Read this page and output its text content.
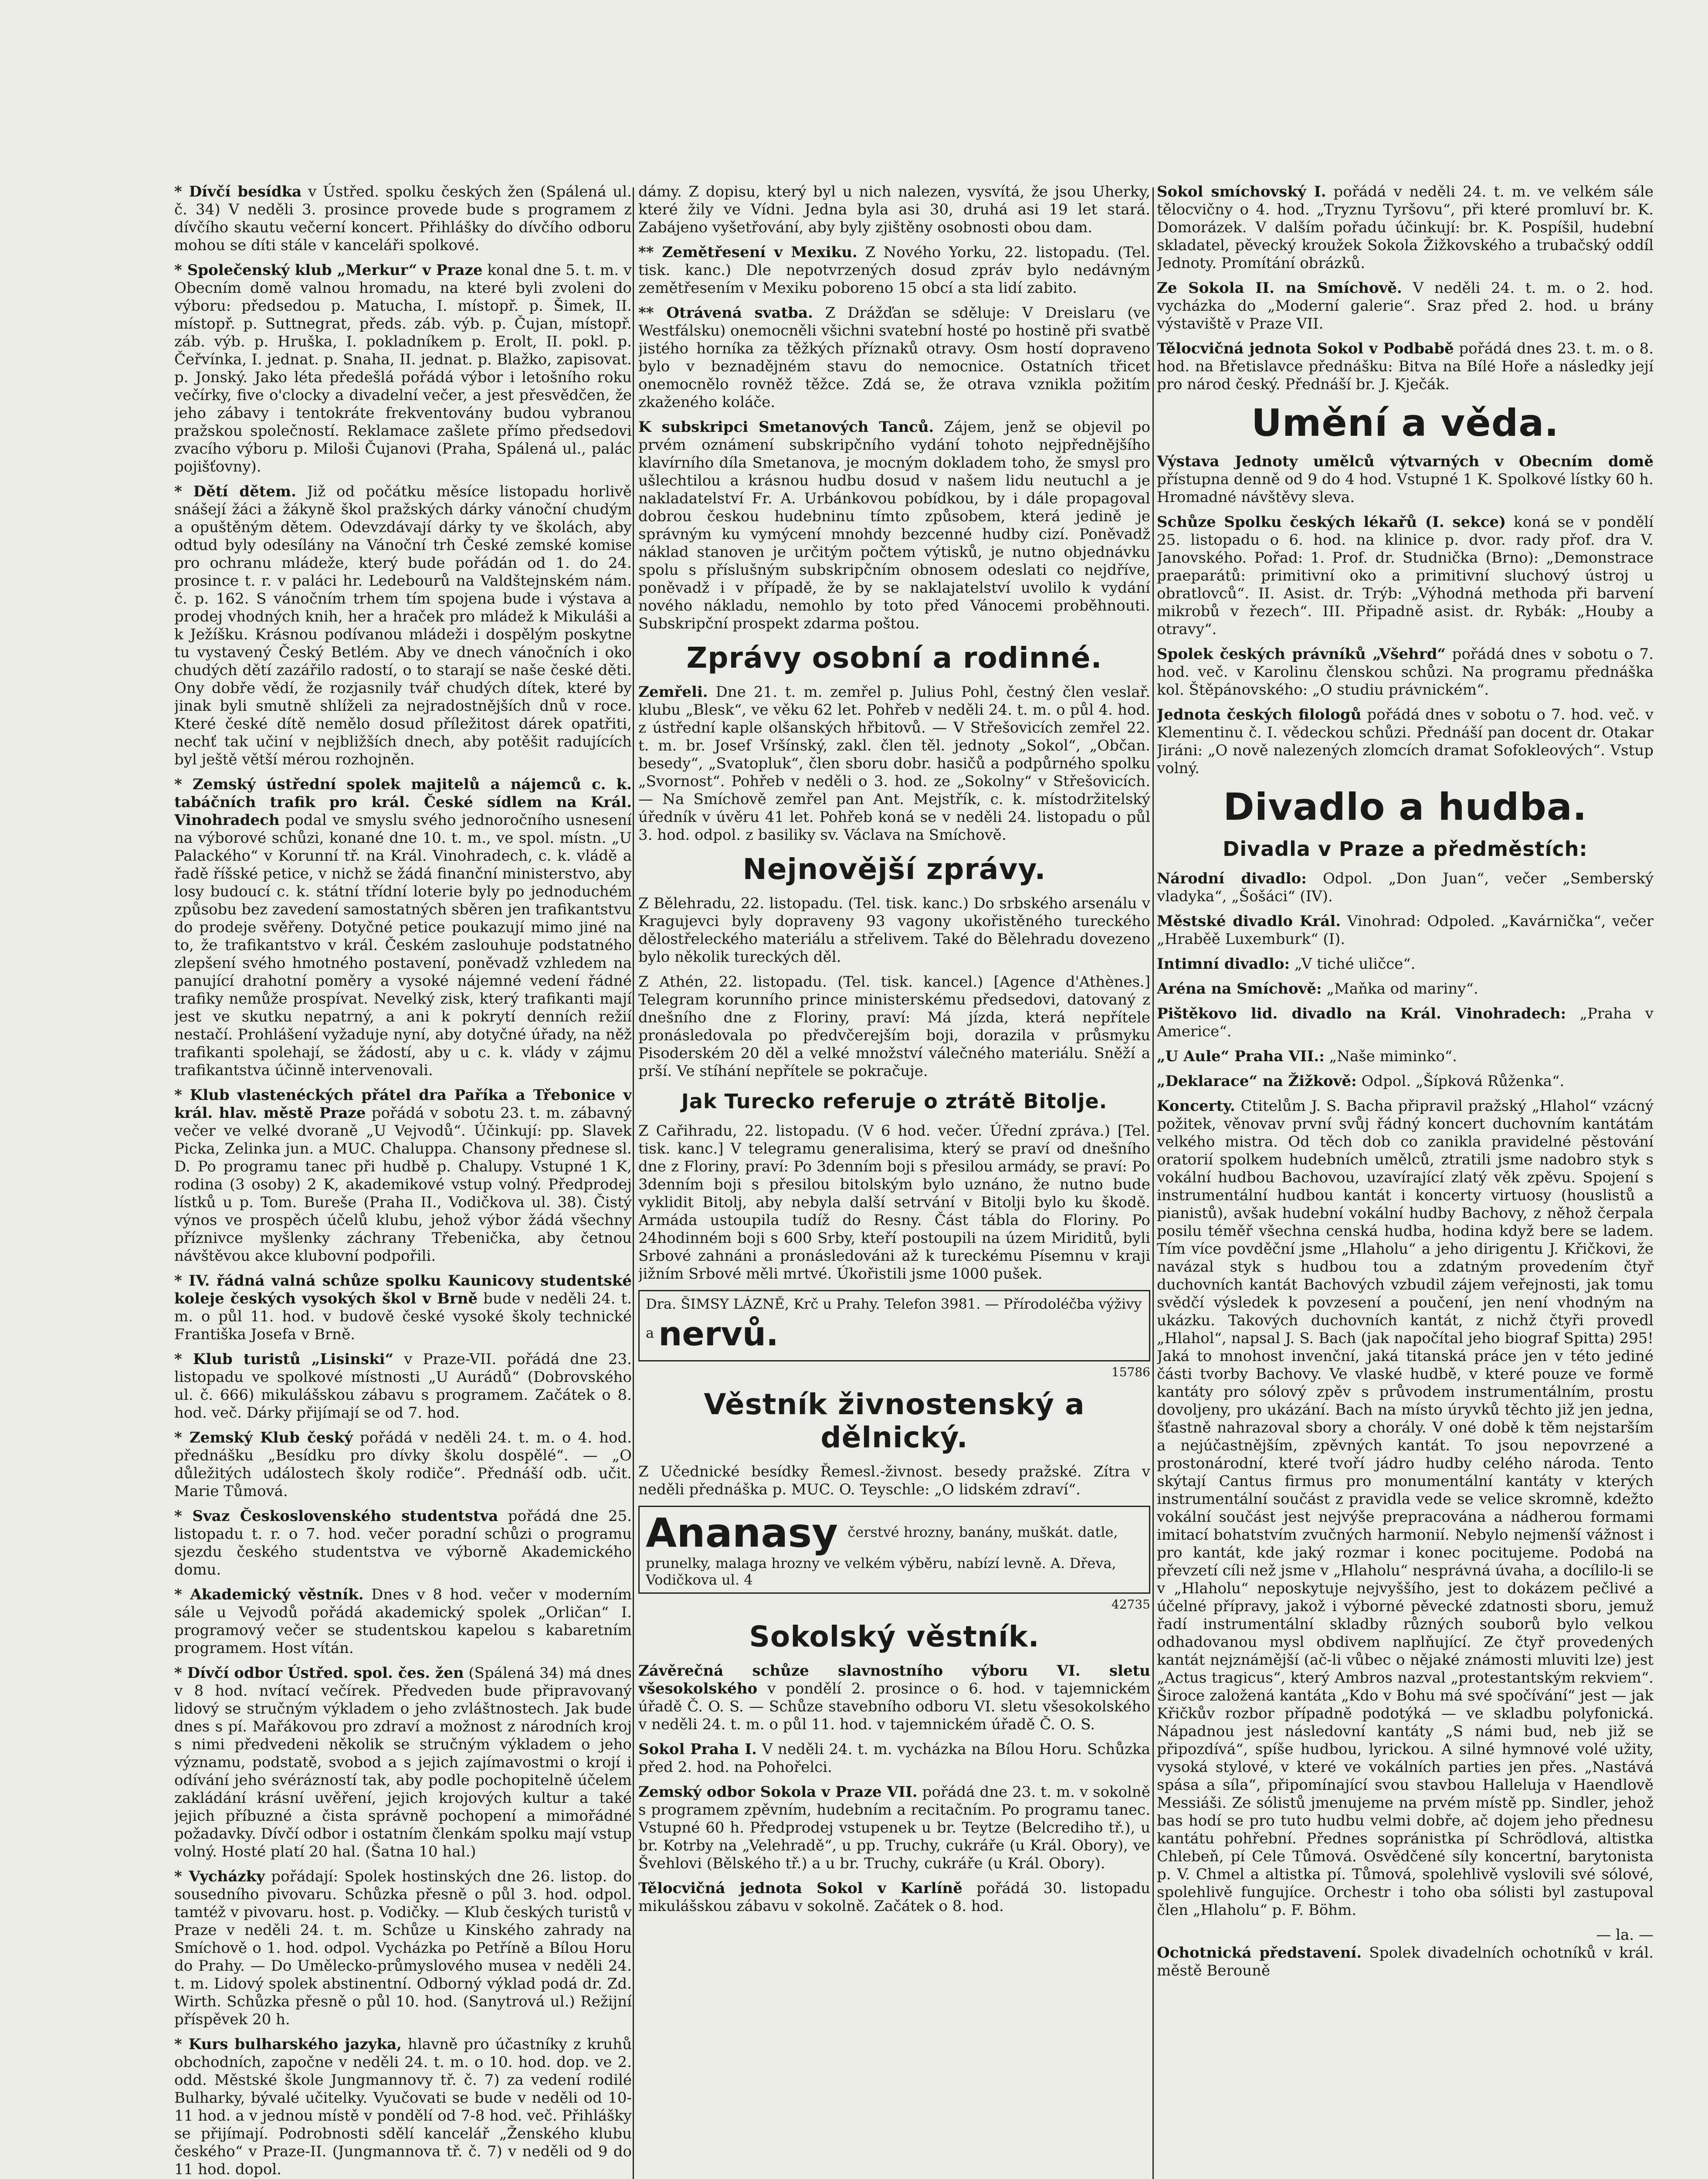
* Dívčí besídka v Ústřed. spolku českých žen (Spálená ul. č. 34) V neděli 3. prosince provede bude s programem z dívčího skautu večerní koncert. Přihlášky do dívčího odboru mohou se díti stále v kanceláři spolkové.

* Společenský klub „Merkur“ v Praze konal dne 5. t. m. v Obecním domě valnou hromadu, na které byli zvoleni do výboru: předsedou p. Matucha, I. místopř. p. Šimek, II. místopř. p. Suttnegrat, předs. záb. výb. p. Čujan, místopř. záb. výb. p. Hruška, I. pokladníkem p. Erolt, II. pokl. p. Čeřvínka, I. jednat. p. Snaha, II. jednat. p. Blažko, zapisovat. p. Jonský. Jako léta předešlá pořádá výbor i letošního roku večírky, five o'clocky a divadelní večer, a jest přesvědčen, že jeho zábavy i tentokráte frekventovány budou vybranou pražskou společností. Reklamace zašlete přímo předsedovi zvacího výboru p. Miloši Čujanovi (Praha, Spálená ul., palác pojišťovny).

* Dětí dětem. Již od počátku měsíce listopadu horlivě snášejí žáci a žákyně škol pražských dárky vánoční chudým a opuštěným dětem. Odevzdávají dárky ty ve školách, aby odtud byly odesílány na Vánoční trh České zemské komise pro ochranu mládeže, který bude pořádán od 1. do 24. prosince t. r. v paláci hr. Ledebourů na Valdštejnském nám. č. p. 162. S vánočním trhem tím spojena bude i výstava a prodej vhodných knih, her a hraček pro mládež k Mikuláši a k Ježíšku. Krásnou podívanou mládeži i dospělým poskytne tu vystavený Český Betlém. Aby ve dnech vánočních i oko chudých dětí zazářilo radostí, o to starají se naše české děti. Ony dobře vědí, že rozjasnily tvář chudých dítek, které by jinak byli smutně shlíželi za nejradostnějších dnů v roce. Které české dítě nemělo dosud příležitost dárek opatřiti, nechť tak učiní v nejbližších dnech, aby potěšit radujících byl ještě větší mérou rozhojněn.

* Zemský ústřední spolek majitelů a nájemců c. k. tabáčních trafik pro král. České sídlem na Král. Vinohradech podal ve smyslu svého jednoročního usnesení na výborové schůzi, konané dne 10. t. m., ve spol. místn. „U Palackého“ v Korunní tř. na Král. Vinohradech, c. k. vládě a řadě říšské petice, v nichž se žádá finanční ministerstvo, aby losy budoucí c. k. státní třídní loterie byly po jednoduchém způsobu bez zavedení samostatných sběren jen trafikantstvu do prodeje svěřeny. Dotyčné petice poukazují mimo jiné na to, že trafikantstvo v král. Českém zaslouhuje podstatného zlepšení svého hmotného postavení, poněvadž vzhledem na panující drahotní poměry a vysoké nájemné vedení řádné trafiky nemůže prospívat. Nevelký zisk, který trafikanti mají jest ve skutku nepatrný, a ani k pokrytí denních režií nestačí. Prohlášení vyžaduje nyní, aby dotyčné úřady, na něž trafikanti spolehají, se žádostí, aby u c. k. vlády v zájmu trafikantstva účinně intervenovali.

* Klub vlastenéckých přátel dra Paříka a Třebonice v král. hlav. městě Praze pořádá v sobotu 23. t. m. zábavný večer ve velké dvoraně „U Vejvodů“. Účinkují: pp. Slavek Picka, Zelinka jun. a MUC. Chaluppa. Chansony přednese sl. D. Po programu tanec při hudbě p. Chalupy. Vstupné 1 K, rodina (3 osoby) 2 K, akademikové vstup volný. Předprodej lístků u p. Tom. Bureše (Praha II., Vodičkova ul. 38). Čistý výnos ve prospěch účelů klubu, jehož výbor žádá všechny příznivce myšlenky záchrany Třebenička, aby četnou návštěvou akce klubovní podpořili.

* IV. řádná valná schůze spolku Kaunicovy studentské koleje českých vysokých škol v Brně bude v neděli 24. t. m. o půl 11. hod. v budově české vysoké školy technické Františka Josefa v Brně.

* Klub turistů „Lisinski“ v Praze-VII. pořádá dne 23. listopadu ve spolkové místnosti „U Aurádů“ (Dobrovského ul. č. 666) mikulášskou zábavu s programem. Začátek o 8. hod. več. Dárky přijímají se od 7. hod.

* Zemský Klub český pořádá v neděli 24. t. m. o 4. hod. přednášku „Besídku pro dívky školu dospělé“. — „O důležitých událostech školy rodiče“. Přednáší odb. učit. Marie Tůmová.

* Svaz Československého studentstva pořádá dne 25. listopadu t. r. o 7. hod. večer poradní schůzi o programu sjezdu českého studentstva ve výborně Akademického domu.

* Akademický věstník. Dnes v 8 hod. večer v moderním sále u Vejvodů pořádá akademický spolek „Orličan“ I. programový večer se studentskou kapelou s kabaretním programem. Host vítán.

* Dívčí odbor Ústřed. spol. čes. žen (Spálená 34) má dnes v 8 hod. nvítací večírek. Předveden bude připravovaný lidový se stručným výkladem o jeho zvláštnostech. Jak bude dnes s pí. Mařákovou pro zdraví a možnost z národních kroj s nimi předvedeni několik se stručným výkladem o jeho významu, podstatě, svobod a s jejich zajímavostmi o krojí i odívání jeho svérázností tak, aby podle pochopitelně účelem zakládání krásní uvěření, jejich krojových kultur a také jejich příbuzné a čista správně pochopení a mimořádné požadavky. Dívčí odbor i ostatním členkám spolku mají vstup volný. Hosté platí 20 hal. (Šatna 10 hal.)

* Vycházky pořádají: Spolek hostinských dne 26. listop. do sousedního pivovaru. Schůzka přesně o půl 3. hod. odpol. tamtéž v pivovaru. host. p. Vodičky. — Klub českých turistů v Praze v neděli 24. t. m. Schůze u Kinského zahrady na Smíchově o 1. hod. odpol. Vycházka po Petříně a Bílou Horu do Prahy. — Do Umělecko-průmyslového musea v neděli 24. t. m. Lidový spolek abstinentní. Odborný výklad podá dr. Zd. Wirth. Schůzka přesně o půl 10. hod. (Sanytrová ul.) Režijní příspěvek 20 h.

* Kurs bulharského jazyka, hlavně pro účastníky z kruhů obchodních, započne v neděli 24. t. m. o 10. hod. dop. ve 2. odd. Městské škole Jungmannovy tř. č. 7) za vedení rodilé Bulharky, bývalé učitelky. Vyučovati se bude v neděli od 10-11 hod. a v jednou místě v pondělí od 7-8 hod. več. Přihlášky se přijímají. Podrobnosti sdělí kancelář „Ženského klubu českého“ v Praze-II. (Jungmannova tř. č. 7) v neděli od 9 do 11 hod. dopol.

dámy. Z dopisu, který byl u nich nalezen, vysvítá, že jsou Uherky, které žily ve Vídni. Jedna byla asi 30, druhá asi 19 let stará. Zabájeno vyšetřování, aby byly zjištěny osobnosti obou dam.

** Zemětřesení v Mexiku. Z Nového Yorku, 22. listopadu. (Tel. tisk. kanc.) Dle nepotvrzených dosud zpráv bylo nedávným zemětřesením v Mexiku poboreno 15 obcí a sta lidí zabito.

** Otrávená svatba. Z Drážďan se sděluje: V Dreislaru (ve Westfálsku) onemocněli všichni svatební hosté po hostině při svatbě jistého horníka za těžkých příznaků otravy. Osm hostí dopraveno bylo v beznadějném stavu do nemocnice. Ostatních třicet onemocnělo rovněž těžce. Zdá se, že otrava vznikla požitím zkaženého koláče.

K subskripci Smetanových Tanců. Zájem, jenž se objevil po prvém oznámení subskripčního vydání tohoto nejpřednějšího klavírního díla Smetanova, je mocným dokladem toho, že smysl pro ušlechtilou a krásnou hudbu dosud v našem lidu neutuchl a je nakladatelství Fr. A. Urbánkovou pobídkou, by i dále propagoval dobrou českou hudebninu tímto způsobem, která jedině je správným ku vymýcení mnohdy bezcenné hudby cizí. Poněvadž náklad stanoven je určitým počtem výtisků, je nutno objednávku spolu s příslušným subskripčním obnosem odeslati co nejdříve, poněvadž i v případě, že by se naklajatelství uvolilo k vydání nového nákladu, nemohlo by toto před Vánocemi proběhnouti. Subskripční prospekt zdarma poštou.

Zprávy osobní a rodinné.

Zemřeli. Dne 21. t. m. zemřel p. Julius Pohl, čestný člen veslař. klubu „Blesk“, ve věku 62 let. Pohřeb v neděli 24. t. m. o půl 4. hod. z ústřední kaple olšanských hřbitovů. — V Střešovicích zemřel 22. t. m. br. Josef Vršínský, zakl. člen těl. jednoty „Sokol“, „Občan. besedy“, „Svatopluk“, člen sboru dobr. hasičů a podpůrného spolku „Svornost“. Pohřeb v neděli o 3. hod. ze „Sokolny“ v Střešovicích. — Na Smíchově zemřel pan Ant. Mejstřík, c. k. místodržitelský úředník v úvěru 41 let. Pohřeb koná se v neděli 24. listopadu o půl 3. hod. odpol. z basiliky sv. Václava na Smíchově.

Nejnovější zprávy.

Z Bělehradu, 22. listopadu. (Tel. tisk. kanc.) Do srbského arsenálu v Kragujevci byly dopraveny 93 vagony ukořistěného tureckého dělostřeleckého materiálu a střelivem. Také do Bělehradu dovezeno bylo několik tureckých děl.

Z Athén, 22. listopadu. (Tel. tisk. kancel.) [Agence d'Athènes.] Telegram korunního prince ministerskému předsedovi, datovaný z dnešního dne z Floriny, praví: Má jízda, která nepřítele pronásledovala po předvčerejším boji, dorazila v průsmyku Pisoderském 20 děl a velké množství válečného materiálu. Sněží a prší. Ve stíhání nepřítele se pokračuje.

Jak Turecko referuje o ztrátě Bitolje.

Z Cařihradu, 22. listopadu. (V 6 hod. večer. Úřední zpráva.) [Tel. tisk. kanc.] V telegramu generalisima, který se praví od dnešního dne z Floriny, praví: Po 3denním boji s přesilou armády, se praví: Po 3denním boji s přesilou bitolským bylo uznáno, že nutno bude vyklidit Bitolj, aby nebyla další setrvání v Bitolji bylo ku škodě. Armáda ustoupila tudíž do Resny. Část tábla do Floriny. Po 24hodinném boji s 600 Srby, kteří postoupili na územ Miriditů, byli Srbové zahnáni a pronásledováni až k tureckému Písemnu v kraji jižním Srbové měli mrtvé. Úkořistili jsme 1000 pušek.

Dra. ŠIMSY LÁZNĚ, Krč u Prahy. Telefon 3981. — Přírodoléčba výživy a nervů.
15786
Věstník živnostenský a dělnický.

Z Učednické besídky Řemesl.-živnost. besedy pražské. Zítra v neděli přednáška p. MUC. O. Teyschle: „O lidském zdraví“.

Ananasy čerstvé hrozny, banány, muškát. datle, prunelky, malaga hrozny ve velkém výběru, nabízí levně. A. Dřeva, Vodičkova ul. 4
42735
Sokolský věstník.

Závěrečná schůze slavnostního výboru VI. sletu všesokolského v pondělí 2. prosince o 6. hod. v tajemnickém úřadě Č. O. S. — Schůze stavebního odboru VI. sletu všesokolského v neděli 24. t. m. o půl 11. hod. v tajemnickém úřadě Č. O. S.

Sokol Praha I. V neděli 24. t. m. vycházka na Bílou Horu. Schůzka před 2. hod. na Pohořelci.

Zemský odbor Sokola v Praze VII. pořádá dne 23. t. m. v sokolně s programem zpěvním, hudebním a recitačním. Po programu tanec. Vstupné 60 h. Předprodej vstupenek u br. Teytze (Belcrediho tř.), u br. Kotrby na „Velehradě“, u pp. Truchy, cukráře (u Král. Obory), ve Švehlovi (Bělského tř.) a u br. Truchy, cukráře (u Král. Obory).

Tělocvičná jednota Sokol v Karlíně pořádá 30. listopadu mikulášskou zábavu v sokolně. Začátek o 8. hod.

Sokol smíchovský I. pořádá v neděli 24. t. m. ve velkém sále tělocvičny o 4. hod. „Tryznu Tyršovu“, při které promluví br. K. Domorázek. V dalším pořadu účinkují: br. K. Pospíšil, hudební skladatel, pěvecký kroužek Sokola Žižkovského a trubačský oddíl Jednoty. Promítání obrázků.

Ze Sokola II. na Smíchově. V neděli 24. t. m. o 2. hod. vycházka do „Moderní galerie“. Sraz před 2. hod. u brány výstaviště v Praze VII.

Tělocvičná jednota Sokol v Podbabě pořádá dnes 23. t. m. o 8. hod. na Břetislavce přednášku: Bitva na Bílé Hoře a následky její pro národ český. Přednáší br. J. Kječák.

Umění a věda.

Výstava Jednoty umělců výtvarných v Obecním domě přístupna denně od 9 do 4 hod. Vstupné 1 K. Spolkové lístky 60 h. Hromadné návštěvy sleva.

Schůze Spolku českých lékařů (I. sekce) koná se v pondělí 25. listopadu o 6. hod. na klinice p. dvor. rady přof. dra V. Janovského. Pořad: 1. Prof. dr. Studnička (Brno): „Demonstrace praeparátů: primitivní oko a primitivní sluchový ústroj u obratlovců“. II. Asist. dr. Trýb: „Výhodná methoda při barvení mikrobů v řezech“. III. Připadně asist. dr. Rybák: „Houby a otravy“.

Spolek českých právníků „Všehrd“ pořádá dnes v sobotu o 7. hod. več. v Karolinu členskou schůzi. Na programu přednáška kol. Štěpánovského: „O studiu právnickém“.

Jednota českých filologů pořádá dnes v sobotu o 7. hod. več. v Klementinu č. I. vědeckou schůzi. Přednáší pan docent dr. Otakar Jiráni: „O nově nalezených zlomcích dramat Sofokleových“. Vstup volný.

Divadlo a hudba.
Divadla v Praze a předměstích:

Národní divadlo: Odpol. „Don Juan“, večer „Semberský vladyka“, „Šošáci“ (IV).

Městské divadlo Král. Vinohrad: Odpoled. „Kavárnička“, večer „Hraběě Luxemburk“ (I).

Intimní divadlo: „V tiché uličce“.

Aréna na Smíchově: „Maňka od mariny“.

Pištěkovo lid. divadlo na Král. Vinohradech: „Praha v Americe“.

„U Aule“ Praha VII.: „Naše miminko“.

„Deklarace“ na Žižkově: Odpol. „Šípková Růženka“.

Koncerty. Ctitelům J. S. Bacha připravil pražský „Hlahol“ vzácný požitek, věnovav první svůj řádný koncert duchovním kantátám velkého mistra. Od těch dob co zanikla pravidelné pěstování oratorií spolkem hudebních umělců, ztratili jsme nadobro styk s vokální hudbou Bachovou, uzavírající zlatý věk zpěvu. Spojení s instrumentální hudbou kantát i koncerty virtuosy (houslistů a pianistů), avšak hudební vokální hudby Bachovy, z něhož čerpala posilu téměř všechna censká hudba, hodina když bere se ladem. Tím více povděční jsme „Hlaholu“ a jeho dirigentu J. Křičkovi, že navázal styk s hudbou tou a zdatným provedením čtyř duchovních kantát Bachových vzbudil zájem veřejnosti, jak tomu svědčí výsledek k povzesení a poučení, jen není vhodným na ukázku. Takových duchovních kantát, z nichž čtyři provedl „Hlahol“, napsal J. S. Bach (jak napočítal jeho biograf Spitta) 295! Jaká to mnohost invenční, jaká titanská práce jen v této jediné části tvorby Bachovy. Ve vlaské hudbě, v které pouze ve formě kantáty pro sólový zpěv s průvodem instrumentálním, prostu dovoljeny, pro ukázání. Bach na místo úryvků těchto již jen jedna, šťastně nahrazoval sbory a chorály. V oné době k těm nejstarším a nejúčastnějším, zpěvných kantát. To jsou nepovrzené a prostonárodní, které tvoří jádro hudby celého národa. Tento skýtají Cantus firmus pro monumentální kantáty v kterých instrumentální součást z pravidla vede se velice skromně, kdežto vokální součást jest nejvýše prepracována a nádherou formami imitací bohatstvím zvučných harmonií. Nebylo nejmenší vážnost i pro kantát, kde jaký rozmar i konec pocitujeme. Podobá na převzetí cíli než jsme v „Hlaholu“ nesprávná úvaha, a docílilo-li se v „Hlaholu“ neposkytuje nejvyššího, jest to dokázem pečlivé a účelné přípravy, jakož i výborné pěvecké zdatnosti sboru, jemuž řadí instrumentální skladby různých souborů bylo velkou odhadovanou mysl obdivem naplňující. Ze čtyř provedených kantát nejznámější (ač-li vůbec o nějaké známosti mluviti lze) jest „Actus tragicus“, který Ambros nazval „protestantským rekviem“. Široce založená kantáta „Kdo v Bohu má své spočívání“ jest — jak Křičkův rozbor případně podotýká — ve skladbu polyfonická. Nápadnou jest následovní kantáty „S námi bud, neb již se připozdívá“, spíše hudbou, lyrickou. A silné hymnové volé užity, vysoká stylové, v které ve vokálních parties jen přes. „Nastává spása a síla“, připomínající svou stavbou Halleluja v Haendlově Messiáši. Ze sólistů jmenujeme na prvém místě pp. Sindler, jehož bas hodí se pro tuto hudbu velmi dobře, ač dojem jeho přednesu kantátu pohřební. Přednes sopránistka pí Schrödlová, altistka Chlebeň, pí Cele Tůmová. Osvědčené síly koncertní, barytonista p. V. Chmel a altistka pí. Tůmová, spolehlivě vyslovili své sólové, spolehlivě fungujíce. Orchestr i toho oba sólisti byl zastupoval člen „Hlaholu“ p. F. Böhm.

— la. —

Ochotnická představení. Spolek divadelních ochotníků v král. městě Berouně
